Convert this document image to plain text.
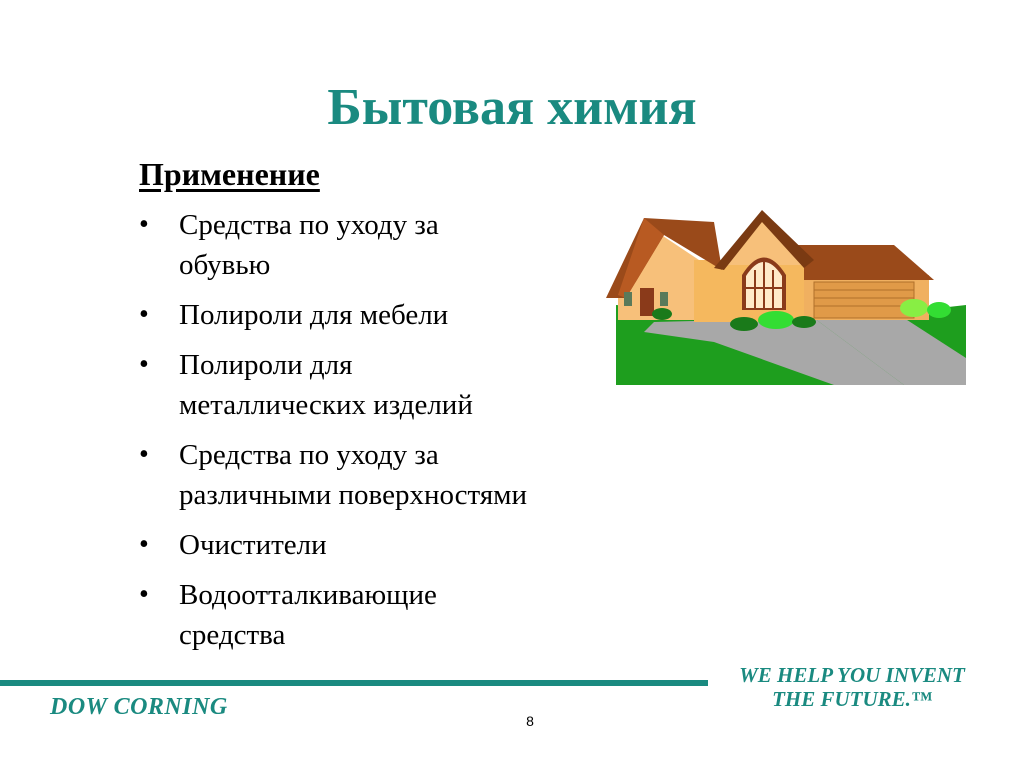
Бытовая химия
Применение
• Средства по уходу за
обувью
• Полироли для мебели
• Полироли для
металлических изделий
• Средства по уходу за
различными поверхностями
• Очистители
• Водоотталкивающие
средства
DOW CORNING
WE HELP YOU INVENT
THE FUTURE.™
8
